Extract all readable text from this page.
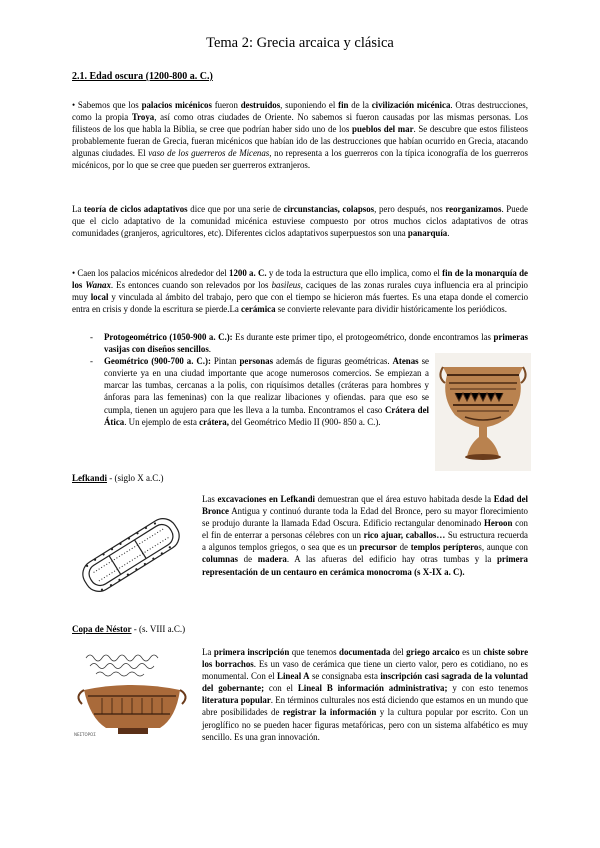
Tema 2: Grecia arcaica y clásica
2.1. Edad oscura (1200-800 a. C.)

• Sabemos que los palacios micénicos fueron destruidos, suponiendo el fin de la civilización micénica. Otras destrucciones, como la propia Troya, así como otras ciudades de Oriente. No sabemos si fueron causadas por las mismas personas. Los filisteos de los que habla la Biblia, se cree que podrían haber sido uno de los pueblos del mar. Se descubre que estos filisteos probablemente fueran de Grecia, fueran micénicos que habían ido de las destrucciones que habían ocurrido en Grecia, atacando algunas ciudades. El vaso de los guerreros de Micenas, no representa a los guerreros con la típica iconografía de los guerreros micénicos, por lo que se cree que pueden ser guerreros extranjeros.

La teoría de ciclos adaptativos dice que por una serie de circunstancias, colapsos, pero después, nos reorganizamos. Puede que el ciclo adaptativo de la comunidad micénica estuviese compuesto por otros muchos ciclos adaptativos de otras comunidades (granjeros, agricultores, etc). Diferentes ciclos adaptativos superpuestos son una panarquía.

• Caen los palacios micénicos alrededor del 1200 a. C. y de toda la estructura que ello implica, como el fin de la monarquía de los Wanax. Es entonces cuando son relevados por los basileus, caciques de las zonas rurales cuya influencia era al principio muy local y vinculada al ámbito del trabajo, pero que con el tiempo se hicieron más fuertes. Es una etapa donde el comercio entra en crisis y donde la escritura se pierde.La cerámica se convierte relevante para dividir históricamente los periódicos.

- Protogeométrico (1050-900 a. C.): Es durante este primer tipo, el protogeométrico, donde encontramos las primeras vasijas con diseños sencillos.
- Geométrico (900-700 a. C.): Pintan personas además de figuras geométricas. Atenas se convierte ya en una ciudad importante que acoge numerosos comercios. Se empiezan a marcar las tumbas, cercanas a la polis, con riquísimos detalles (cráteras para hombres y ánforas para las femeninas) con la que realizar libaciones y ofiendas. para que eso se cumpla, tienen un agujero para que les lleva a la tumba. Encontramos el caso Crátera del Ática. Un ejemplo de esta crátera, del Geométrico Medio II (900- 850 a. C.).

Lefkandi - (siglo X a.C.)

Las excavaciones en Lefkandi demuestran que el área estuvo habitada desde la Edad del Bronce Antigua y continuó durante toda la Edad del Bronce, pero su mayor florecimiento se produjo durante la llamada Edad Oscura. Edificio rectangular denominado Heroon con el fin de enterrar a personas célebres con un rico ajuar, caballos… Su estructura recuerda a algunos templos griegos, o sea que es un precursor de templos perípteros, aunque con columnas de madera. A las afueras del edificio hay otras tumbas y la primera representación de un centauro en cerámica monocroma (s X-IX a. C).

Copa de Néstor - (s. VIII a.C.)

ΝΕΣΤΟΡΟΣ

La primera inscripción que tenemos documentada del griego arcaico es un chiste sobre los borrachos. Es un vaso de cerámica que tiene un cierto valor, pero es cotidiano, no es monumental. Con el Lineal A se consignaba esta inscripción casi sagrada de la voluntad del gobernante; con el Lineal B información administrativa; y con esto tenemos literatura popular. En términos culturales nos está diciendo que estamos en un mundo que abre posibilidades de registrar la información y la cultura popular por escrito. Con un jeroglífico no se pueden hacer figuras metafóricas, pero con un sistema alfabético es muy sencillo. Es una gran innovación.
